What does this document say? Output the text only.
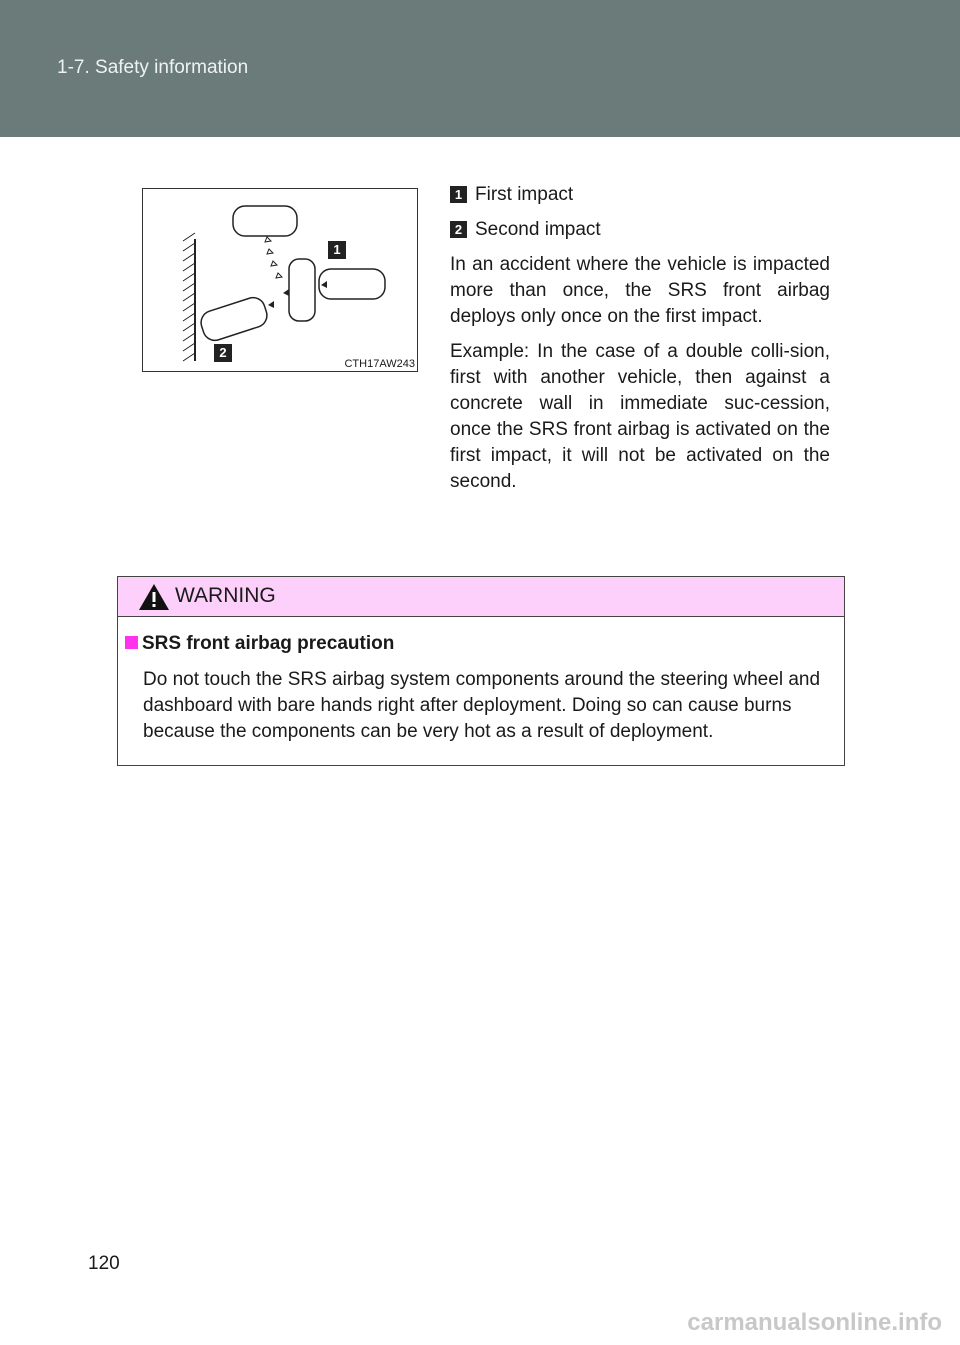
1-7. Safety information
1
2
CTH17AW243

1 First impact

2 Second impact

In an accident where the vehicle is impacted more than once, the SRS front airbag deploys only once on the first impact.

Example: In the case of a double colli-sion, first with another vehicle, then against a concrete wall in immediate suc-cession, once the SRS front airbag is activated on the first impact, it will not be activated on the second.

WARNING
SRS front airbag precaution
Do not touch the SRS airbag system components around the steering wheel and dashboard with bare hands right after deployment. Doing so can cause burns because the components can be very hot as a result of deployment.
120
carmanualsonline.info
